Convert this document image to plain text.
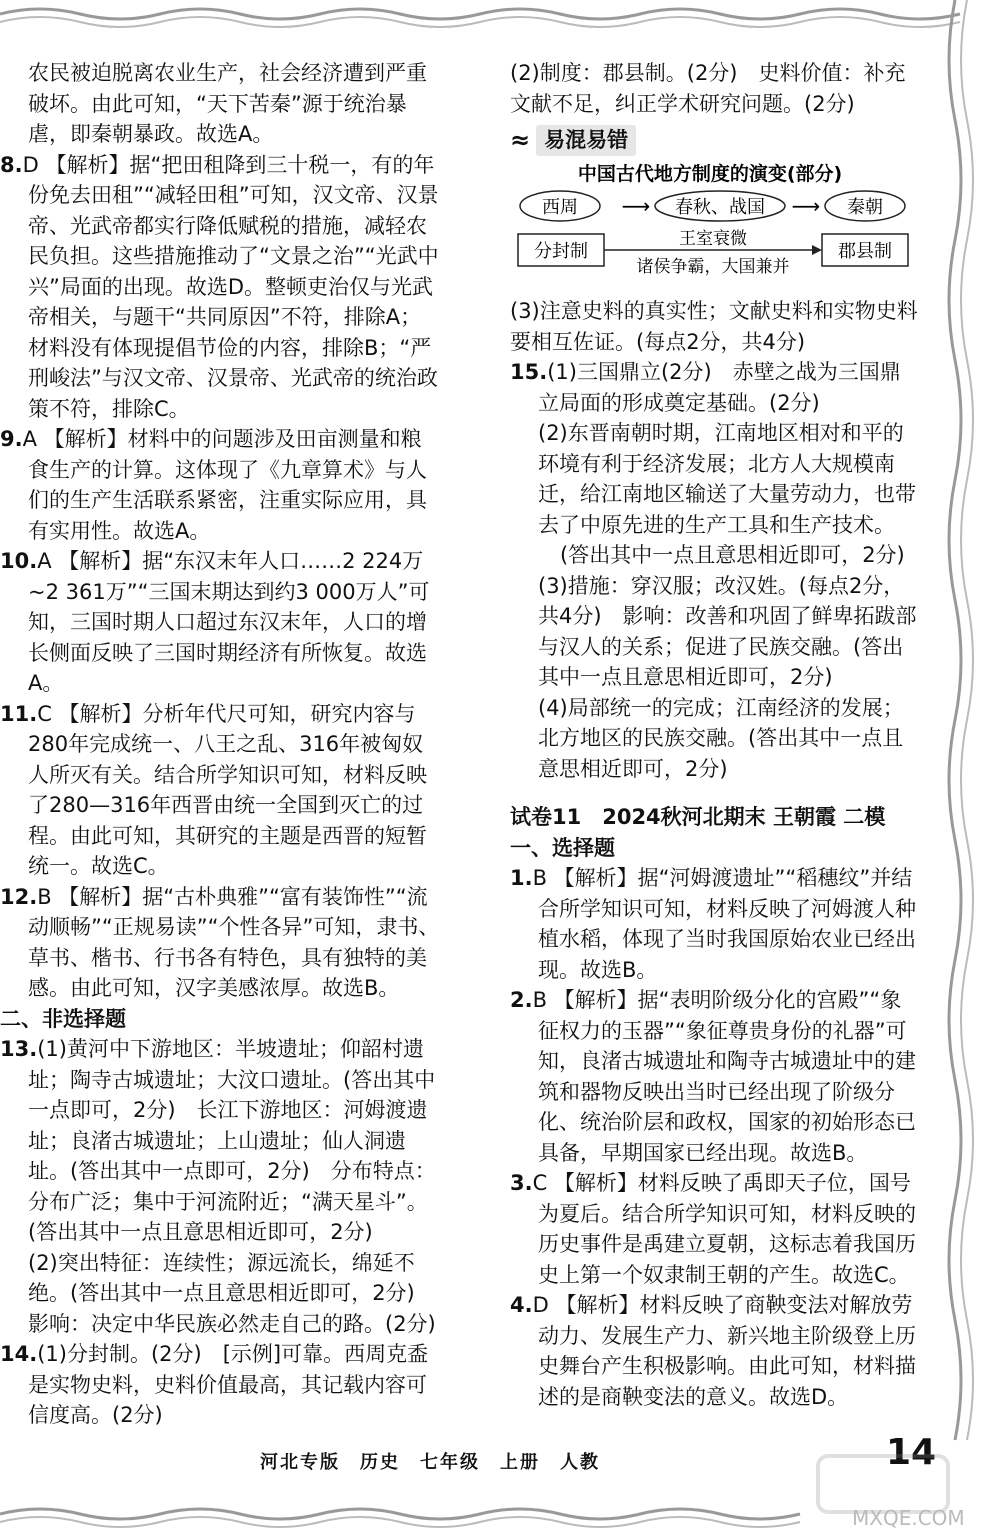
农民被迫脱离农业生产，社会经济遭到严重破坏。由此可知，“天下苦秦”源于统治暴虐，即秦朝暴政。故选A。

8.D 【解析】据“把田租降到三十税一，有的年份免去田租”“减轻田租”可知，汉文帝、汉景帝、光武帝都实行降低赋税的措施，减轻农民负担。这些措施推动了“文景之治”“光武中兴”局面的出现。故选D。整顿吏治仅与光武帝相关，与题干“共同原因”不符，排除A；材料没有体现提倡节俭的内容，排除B；“严刑峻法”与汉文帝、汉景帝、光武帝的统治政策不符，排除C。

9.A 【解析】材料中的问题涉及田亩测量和粮食生产的计算。这体现了《九章算术》与人们的生产生活联系紧密，注重实际应用，具有实用性。故选A。

10.A 【解析】据“东汉末年人口……2 224万~2 361万”“三国末期达到约3 000万人”可知，三国时期人口超过东汉末年，人口的增长侧面反映了三国时期经济有所恢复。故选A。

11.C 【解析】分析年代尺可知，研究内容与280年完成统一、八王之乱、316年被匈奴人所灭有关。结合所学知识可知，材料反映了280—316年西晋由统一全国到灭亡的过程。由此可知，其研究的主题是西晋的短暂统一。故选C。

12.B 【解析】据“古朴典雅”“富有装饰性”“流动顺畅”“正规易读”“个性各异”可知，隶书、草书、楷书、行书各有特色，具有独特的美感。由此可知，汉字美感浓厚。故选B。

二、非选择题

13.(1)黄河中下游地区：半坡遗址；仰韶村遗址；陶寺古城遗址；大汶口遗址。(答出其中一点即可，2分)　长江下游地区：河姆渡遗址；良渚古城遗址；上山遗址；仙人洞遗址。(答出其中一点即可，2分)　分布特点：分布广泛；集中于河流附近；“满天星斗”。(答出其中一点且意思相近即可，2分)

(2)突出特征：连续性；源远流长，绵延不绝。(答出其中一点且意思相近即可，2分)　影响：决定中华民族必然走自己的路。(2分)

14.(1)分封制。(2分)　[示例]可靠。西周克盉是实物史料，史料价值最高，其记载内容可信度高。(2分)

(2)制度：郡县制。(2分)　史料价值：补充文献不足，纠正学术研究问题。(2分)

≈ 易混易错

中国古代地方制度的演变(部分)
西周 ⟶ 春秋、战国 ⟶ 秦朝
分封制	郡县制
王室衰微
诸侯争霸，大国兼并

(3)注意史料的真实性；文献史料和实物史料要相互佐证。(每点2分，共4分)

15.(1)三国鼎立(2分)　赤壁之战为三国鼎立局面的形成奠定基础。(2分)

(2)东晋南朝时期，江南地区相对和平的环境有利于经济发展；北方人大规模南迁，给江南地区输送了大量劳动力，也带去了中原先进的生产工具和生产技术。

(答出其中一点且意思相近即可，2分)

(3)措施：穿汉服；改汉姓。(每点2分，共4分)　影响：改善和巩固了鲜卑拓跋部与汉人的关系；促进了民族交融。(答出其中一点且意思相近即可，2分)

(4)局部统一的完成；江南经济的发展；北方地区的民族交融。(答出其中一点且意思相近即可，2分)

试卷11　2024秋河北期末 王朝霞 二模

一、选择题

1.B 【解析】据“河姆渡遗址”“稻穗纹”并结合所学知识可知，材料反映了河姆渡人种植水稻，体现了当时我国原始农业已经出现。故选B。

2.B 【解析】据“表明阶级分化的宫殿”“象征权力的玉器”“象征尊贵身份的礼器”可知，良渚古城遗址和陶寺古城遗址中的建筑和器物反映出当时已经出现了阶级分化、统治阶层和政权，国家的初始形态已具备，早期国家已经出现。故选B。

3.C 【解析】材料反映了禹即天子位，国号为夏后。结合所学知识可知，材料反映的历史事件是禹建立夏朝，这标志着我国历史上第一个奴隶制王朝的产生。故选C。

4.D 【解析】材料反映了商鞅变法对解放劳动力、发展生产力、新兴地主阶级登上历史舞台产生积极影响。由此可知，材料描述的是商鞅变法的意义。故选D。

河北专版　历史　七年级　上册　人教	14
MXQE.COM
